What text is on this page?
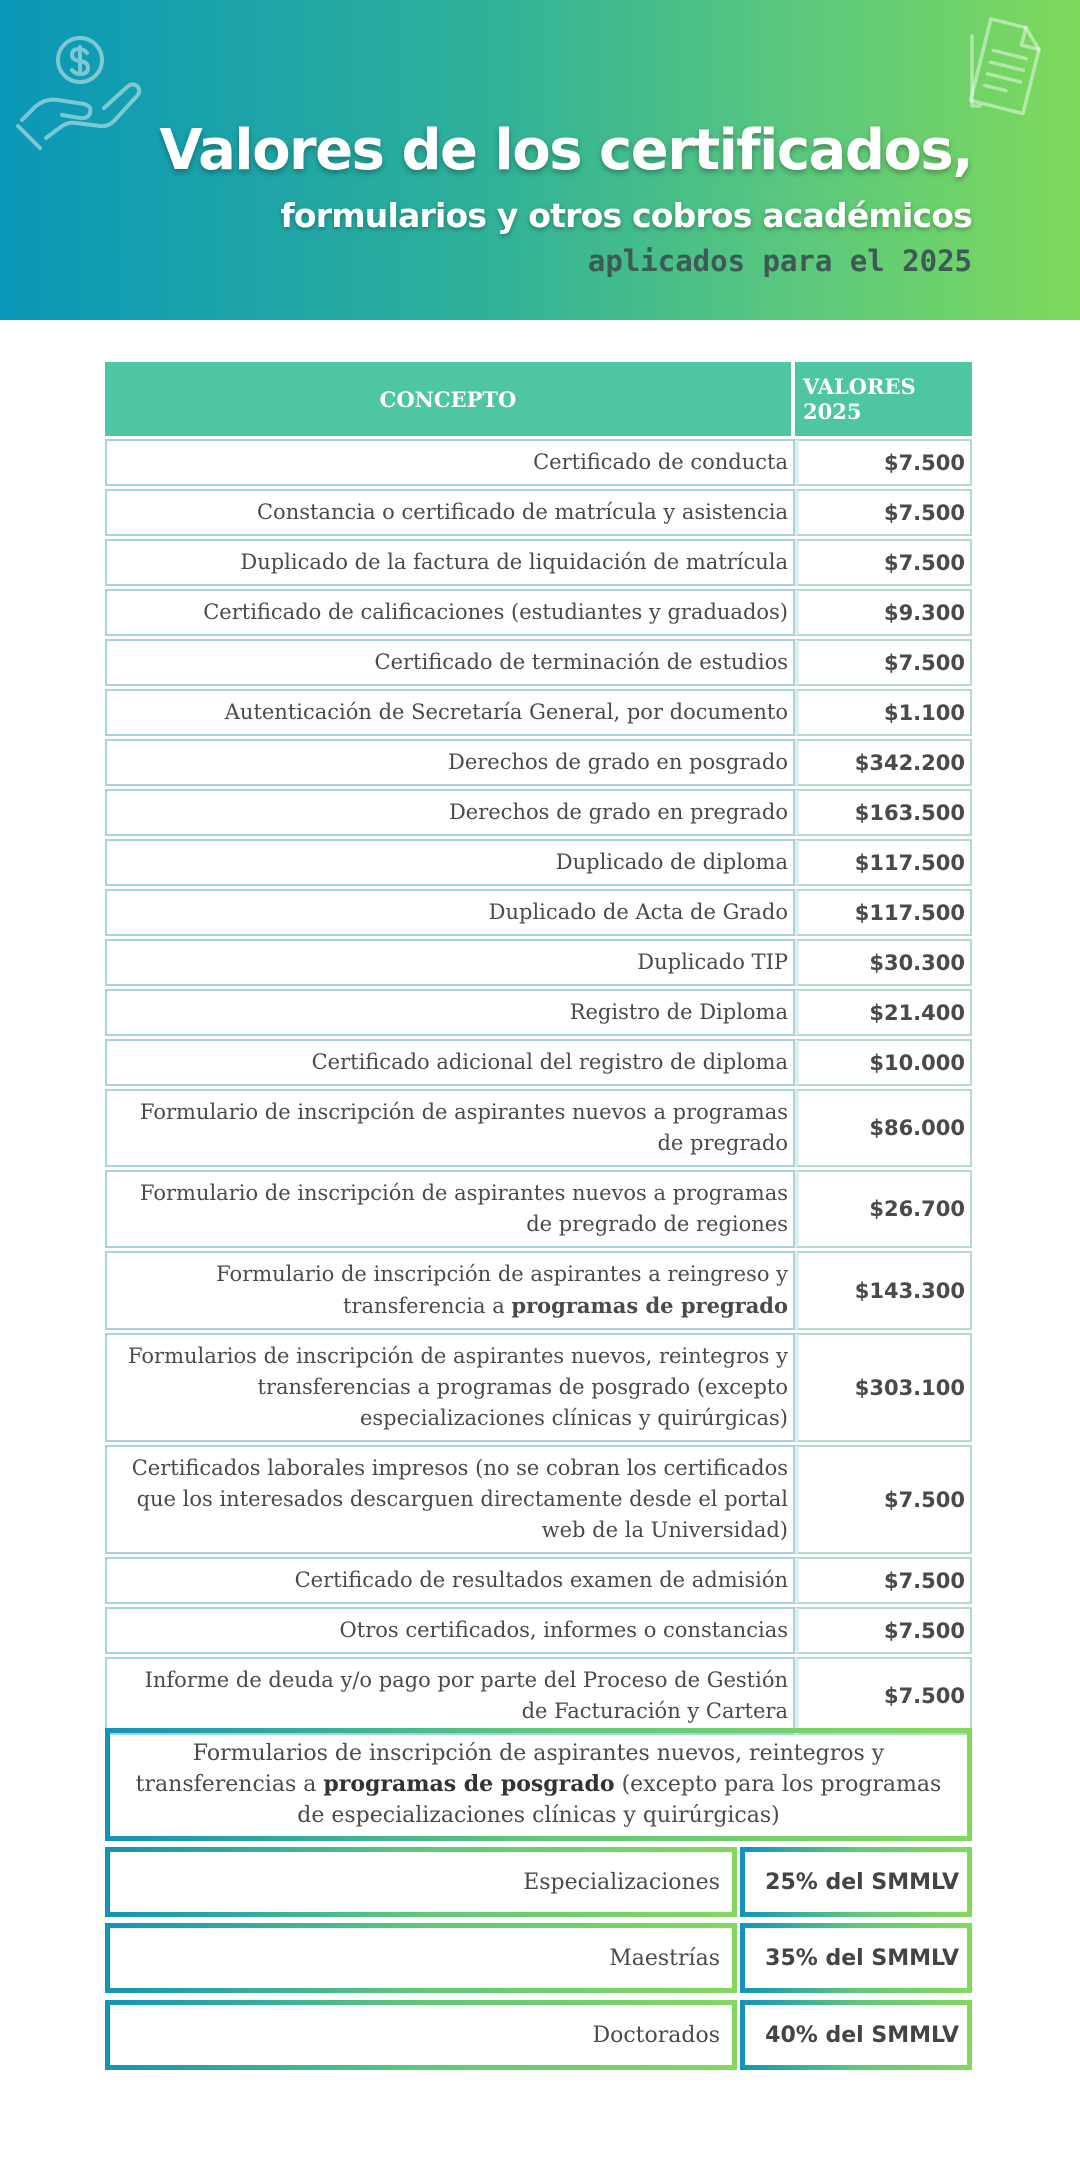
Valores de los certificados,
formularios y otros cobros académicos
aplicados para el 2025
CONCEPTO	VALORES 2025
Certificado de conducta	$7.500
Constancia o certificado de matrícula y asistencia	$7.500
Duplicado de la factura de liquidación de matrícula	$7.500
Certificado de calificaciones (estudiantes y graduados)	$9.300
Certificado de terminación de estudios	$7.500
Autenticación de Secretaría General, por documento	$1.100
Derechos de grado en posgrado	$342.200
Derechos de grado en pregrado	$163.500
Duplicado de diploma	$117.500
Duplicado de Acta de Grado	$117.500
Duplicado TIP	$30.300
Registro de Diploma	$21.400
Certificado adicional del registro de diploma	$10.000
Formulario de inscripción de aspirantes nuevos a programas de pregrado	$86.000
Formulario de inscripción de aspirantes nuevos a programas de pregrado de regiones	$26.700
Formulario de inscripción de aspirantes a reingreso y transferencia a programas de pregrado	$143.300
Formularios de inscripción de aspirantes nuevos, reintegros y transferencias a programas de posgrado (excepto especializaciones clínicas y quirúrgicas)	$303.100
Certificados laborales impresos (no se cobran los certificados que los interesados descarguen directamente desde el portal web de la Universidad)	$7.500
Certificado de resultados examen de admisión	$7.500
Otros certificados, informes o constancias	$7.500
Informe de deuda y/o pago por parte del Proceso de Gestión de Facturación y Cartera	$7.500
Formularios de inscripción de aspirantes nuevos, reintegros y transferencias a programas de posgrado (excepto para los programas de especializaciones clínicas y quirúrgicas)
Especializaciones	25% del SMMLV
Maestrías	35% del SMMLV
Doctorados	40% del SMMLV
